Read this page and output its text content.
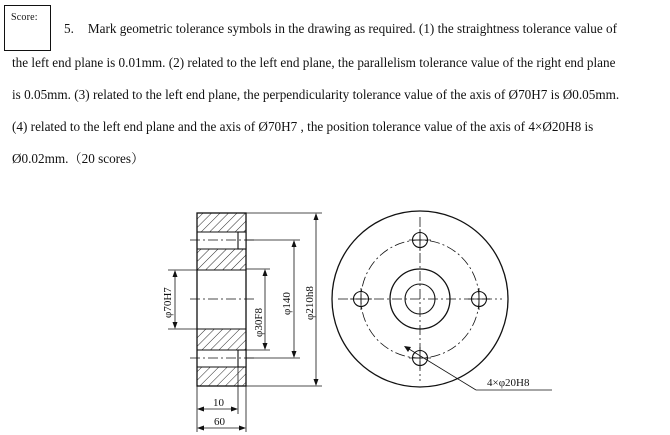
Score:
5. Mark geometric tolerance symbols in the drawing as required. (1) the straightness tolerance value of
the left end plane is 0.01mm. (2) related to the left end plane, the parallelism tolerance value of the right end plane
is 0.05mm. (3) related to the left end plane, the perpendicularity tolerance value of the axis of Ø70H7 is Ø0.05mm.
(4) related to the left end plane and the axis of Ø70H7 , the position tolerance value of the axis of 4×Ø20H8 is
Ø0.02mm.（20 scores）
φ70H7
φ30F8
φ140 φ210h8
10
60
4×φ20H8
